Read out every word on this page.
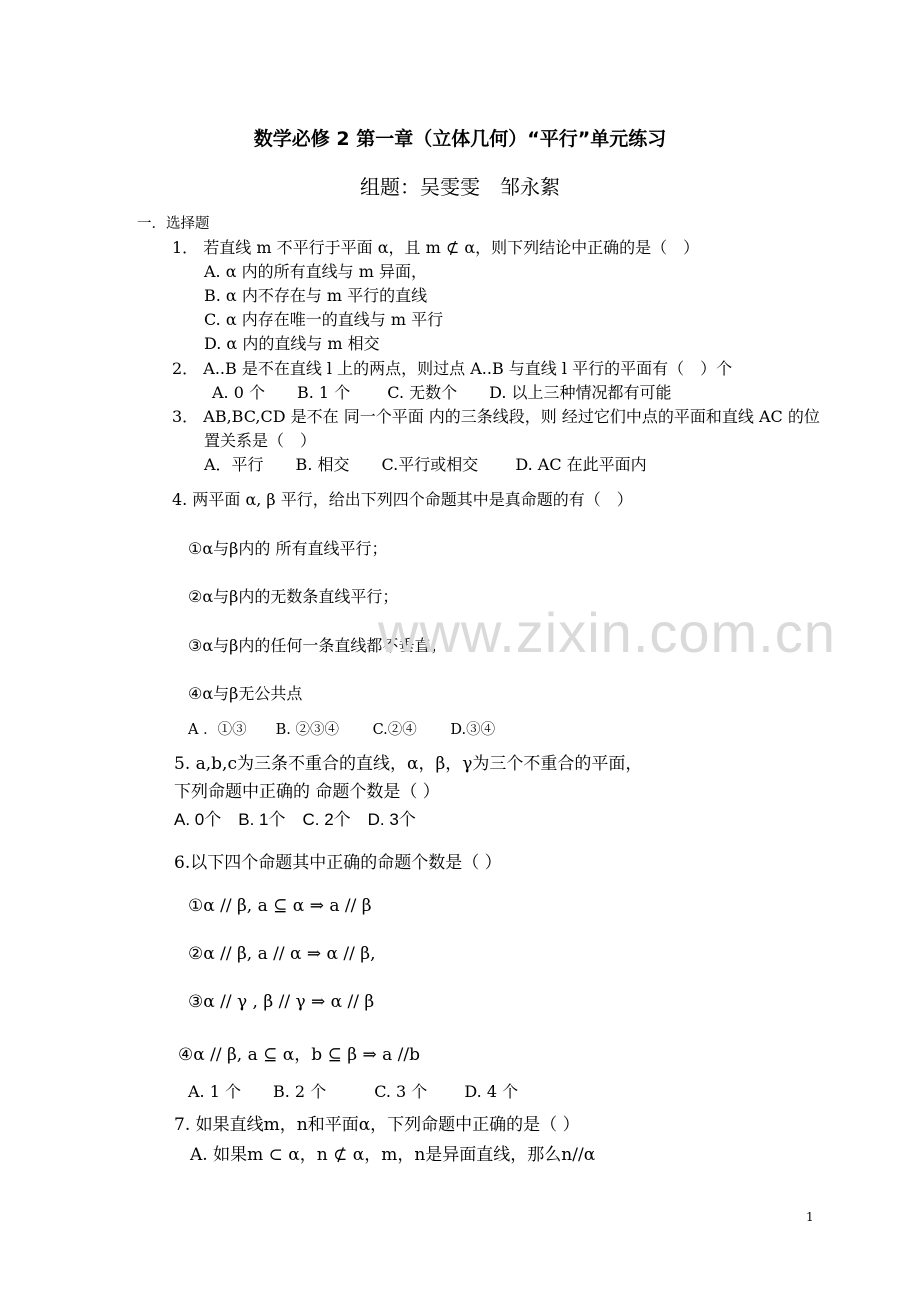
数学必修 2 第一章（立体几何）“平行”单元练习
组题：吴雯雯　邹永絮
一．选择题
1． 若直线 m 不平行于平面 α，且 m ⊄ α，则下列结论中正确的是（　）
A. α 内的所有直线与 m 异面，
B. α 内不存在与 m 平行的直线
C. α 内存在唯一的直线与 m 平行
D. α 内的直线与 m 相交
2． A..B 是不在直线 l 上的两点，则过点 A..B 与直线 l 平行的平面有（　）个
A. 0 个　　B. 1 个　　 C. 无数个　　D. 以上三种情况都有可能
3． AB,BC,CD 是不在 同一个平面 内的三条线段，则 经过它们中点的平面和直线 AC 的位
置关系是（　）
A．平行　　B. 相交　　C.平行或相交　　 D. AC 在此平面内
4. 两平面 α, β 平行，给出下列四个命题其中是真命题的有（　）
①α与β内的 所有直线平行；
②α与β内的无数条直线平行；
③α与β内的任何一条直线都不垂直；
④α与β无公共点
A ．①③　　B. ②③④　　 C.②④　　 D.③④
5. a,b,c为三条不重合的直线，α，β，γ为三个不重合的平面，
下列命题中正确的 命题个数是（ ）
A. 0个　B. 1个　C. 2个　D. 3个
6.以下四个命题其中正确的命题个数是（ ）
①α // β, a ⊆ α ⇒ a // β
②α // β, a // α ⇒ α // β,
③α // γ , β // γ ⇒ α // β
④α // β, a ⊆ α，b ⊆ β ⇒ a //b
A. 1 个　　B. 2 个　　　C. 3 个　　 D. 4 个
7. 如果直线m，n和平面α，下列命题中正确的是（ ）
A. 如果m ⊂ α，n ⊄ α，m，n是异面直线，那么n//α
www.zixin.com.cn
1
